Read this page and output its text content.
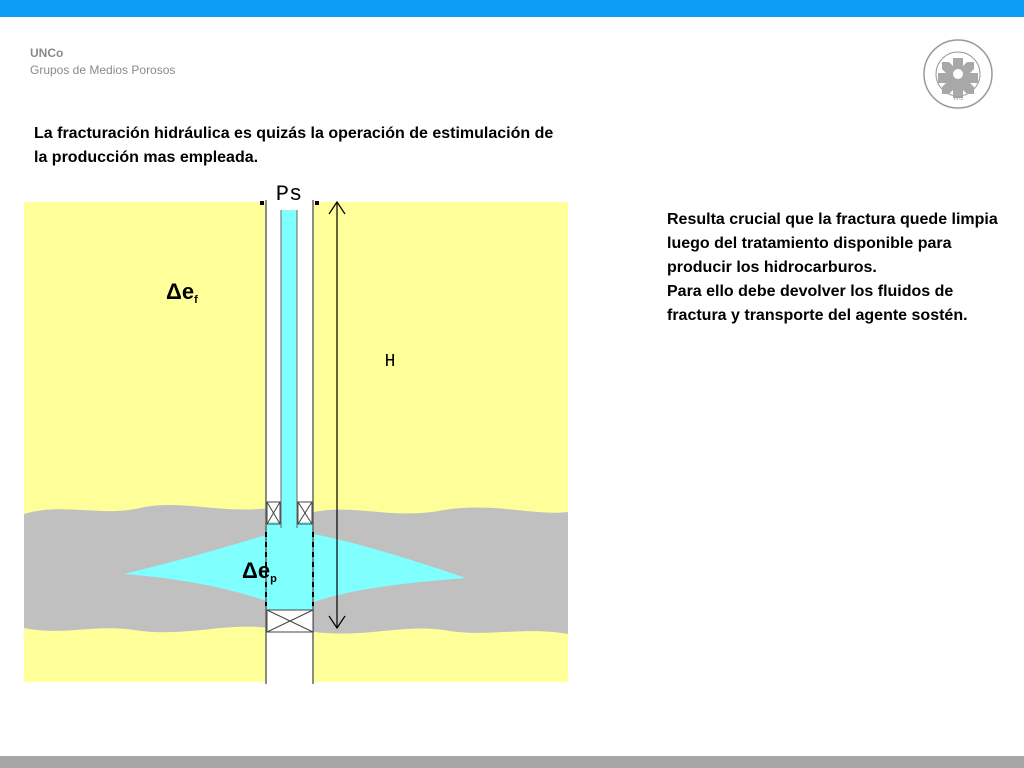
UNCo
Grupos de Medios Porosos
1972
La fracturación hidráulica es quizás la operación de estimulación de la producción mas empleada.
Ps
H
Δef
Δep

Resulta crucial que la fractura quede limpia luego del tratamiento disponible para producir los hidrocarburos.

Para ello debe devolver los fluidos de fractura y transporte del agente sostén.
